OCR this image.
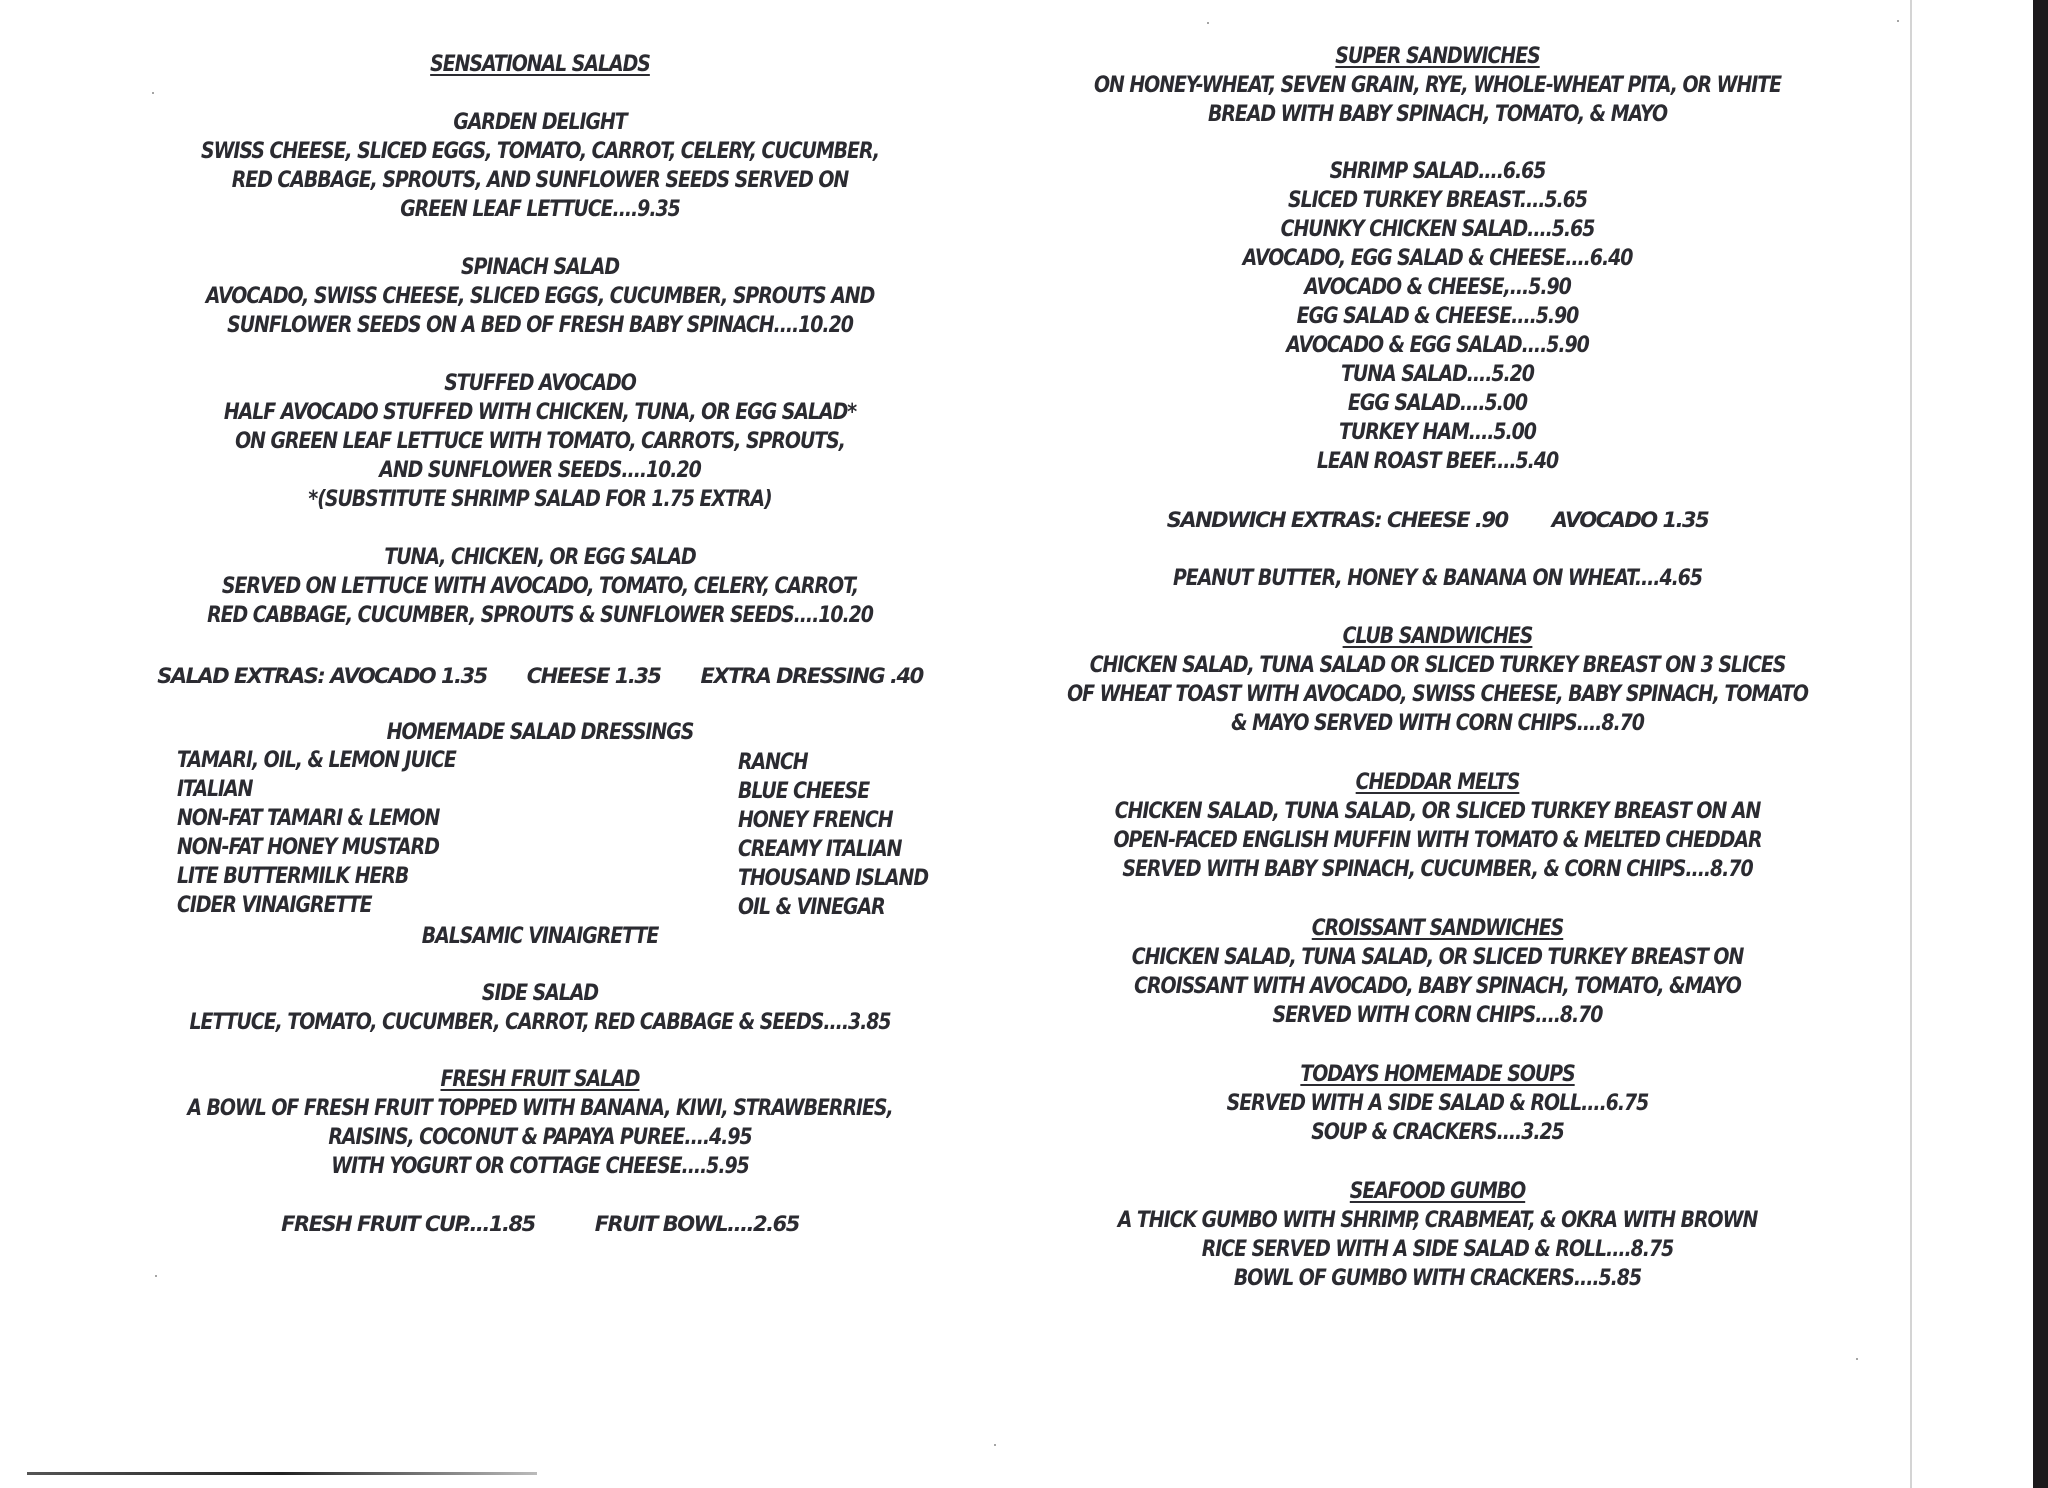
SENSATIONAL SALADS
GARDEN DELIGHT
SWISS CHEESE, SLICED EGGS, TOMATO, CARROT, CELERY, CUCUMBER,
RED CABBAGE, SPROUTS, AND SUNFLOWER SEEDS SERVED ON
GREEN LEAF LETTUCE....9.35
SPINACH SALAD
AVOCADO, SWISS CHEESE, SLICED EGGS, CUCUMBER, SPROUTS AND
SUNFLOWER SEEDS ON A BED OF FRESH BABY SPINACH....10.20
STUFFED AVOCADO
HALF AVOCADO STUFFED WITH CHICKEN, TUNA, OR EGG SALAD*
ON GREEN LEAF LETTUCE WITH TOMATO, CARROTS, SPROUTS,
AND SUNFLOWER SEEDS....10.20
*(SUBSTITUTE SHRIMP SALAD FOR 1.75 EXTRA)
TUNA, CHICKEN, OR EGG SALAD
SERVED ON LETTUCE WITH AVOCADO, TOMATO, CELERY, CARROT,
RED CABBAGE, CUCUMBER, SPROUTS & SUNFLOWER SEEDS....10.20
SALAD EXTRAS: AVOCADO 1.35 CHEESE 1.35 EXTRA DRESSING .40
HOMEMADE SALAD DRESSINGS
TAMARI, OIL, & LEMON JUICE
ITALIAN
NON-FAT TAMARI & LEMON
NON-FAT HONEY MUSTARD
LITE BUTTERMILK HERB
CIDER VINAIGRETTE
RANCH
BLUE CHEESE
HONEY FRENCH
CREAMY ITALIAN
THOUSAND ISLAND
OIL & VINEGAR
BALSAMIC VINAIGRETTE
SIDE SALAD
LETTUCE, TOMATO, CUCUMBER, CARROT, RED CABBAGE & SEEDS....3.85
FRESH FRUIT SALAD
A BOWL OF FRESH FRUIT TOPPED WITH BANANA, KIWI, STRAWBERRIES,
RAISINS, COCONUT & PAPAYA PUREE....4.95
WITH YOGURT OR COTTAGE CHEESE....5.95
FRESH FRUIT CUP....1.85	FRUIT BOWL....2.65
SUPER SANDWICHES
ON HONEY-WHEAT, SEVEN GRAIN, RYE, WHOLE-WHEAT PITA, OR WHITE
BREAD WITH BABY SPINACH, TOMATO, & MAYO
SHRIMP SALAD....6.65
SLICED TURKEY BREAST....5.65
CHUNKY CHICKEN SALAD....5.65
AVOCADO, EGG SALAD & CHEESE....6.40
AVOCADO & CHEESE,...5.90
EGG SALAD & CHEESE....5.90
AVOCADO & EGG SALAD....5.90
TUNA SALAD....5.20
EGG SALAD....5.00
TURKEY HAM....5.00
LEAN ROAST BEEF....5.40
SANDWICH EXTRAS: CHEESE .90 AVOCADO 1.35
PEANUT BUTTER, HONEY & BANANA ON WHEAT....4.65
CLUB SANDWICHES
CHICKEN SALAD, TUNA SALAD OR SLICED TURKEY BREAST ON 3 SLICES
OF WHEAT TOAST WITH AVOCADO, SWISS CHEESE, BABY SPINACH, TOMATO
& MAYO SERVED WITH CORN CHIPS....8.70
CHEDDAR MELTS
CHICKEN SALAD, TUNA SALAD, OR SLICED TURKEY BREAST ON AN
OPEN-FACED ENGLISH MUFFIN WITH TOMATO & MELTED CHEDDAR
SERVED WITH BABY SPINACH, CUCUMBER, & CORN CHIPS....8.70
CROISSANT SANDWICHES
CHICKEN SALAD, TUNA SALAD, OR SLICED TURKEY BREAST ON
CROISSANT WITH AVOCADO, BABY SPINACH, TOMATO, &MAYO
SERVED WITH CORN CHIPS....8.70
TODAYS HOMEMADE SOUPS
SERVED WITH A SIDE SALAD & ROLL....6.75
SOUP & CRACKERS....3.25
SEAFOOD GUMBO
A THICK GUMBO WITH SHRIMP, CRABMEAT, & OKRA WITH BROWN
RICE SERVED WITH A SIDE SALAD & ROLL....8.75
BOWL OF GUMBO WITH CRACKERS....5.85
